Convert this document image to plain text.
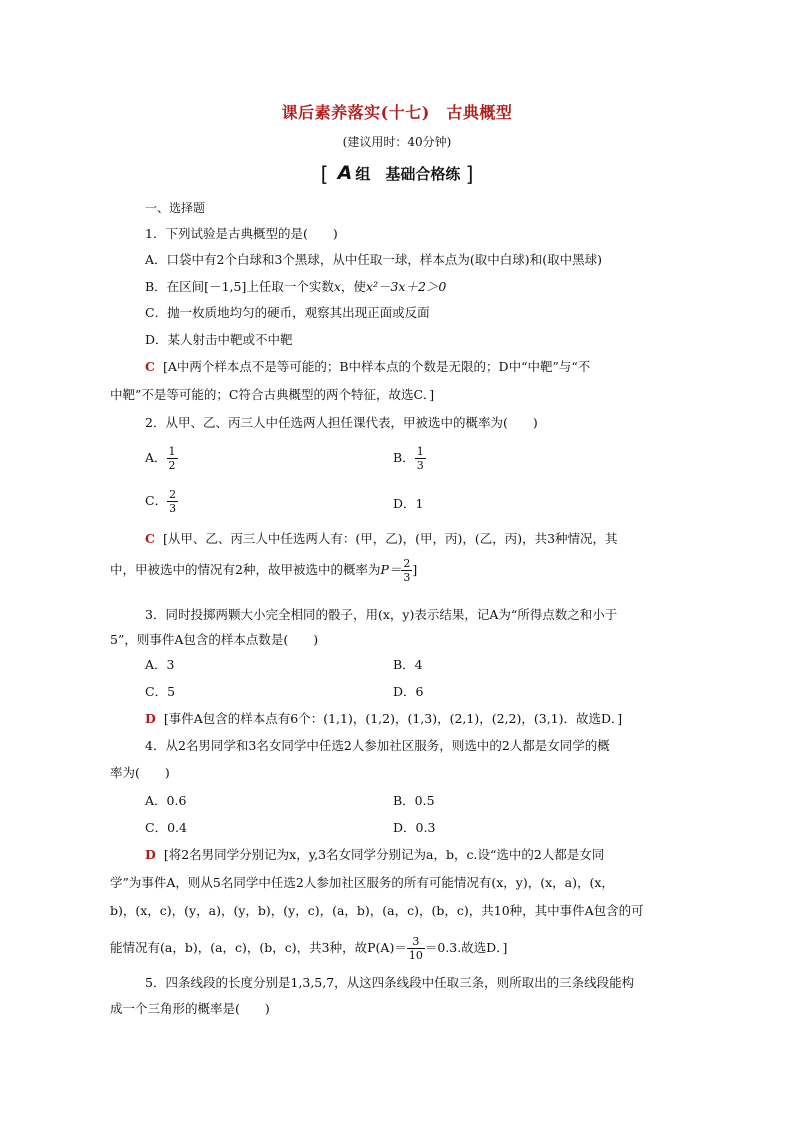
课后素养落实(十七)　古典概型
(建议用时：40分钟)
[ A 组　基础合格练 ]
一、选择题
1．下列试验是古典概型的是(　　)
A．口袋中有2个白球和3个黑球，从中任取一球，样本点为(取中白球)和(取中黑球)
B．在区间[－1,5]上任取一个实数x，使x²－3x＋2＞0
C．抛一枚质地均匀的硬币，观察其出现正面或反面
D．某人射击中靶或不中靶
C [A中两个样本点不是等可能的；B中样本点的个数是无限的；D中“中靶”与“不
中靶”不是等可能的；C符合古典概型的两个特征，故选C．]
2．从甲、乙、丙三人中任选两人担任课代表，甲被选中的概率为(　　)
A． $\frac{1}{2}$	B． $\frac{1}{3}$
C． $\frac{2}{3}$	D．1
C [从甲、乙、丙三人中任选两人有：(甲，乙)，(甲，丙)，(乙，丙)，共3种情况，其
中，甲被选中的情况有2种，故甲被选中的概率为$P= \frac{2}{3}$ ]
3．同时投掷两颗大小完全相同的骰子，用(x，y)表示结果，记A为“所得点数之和小于
5”，则事件A包含的样本点数是(　　)
A．3	B．4
C．5	D．6
D [事件A包含的样本点有6个：(1,1)，(1,2)，(1,3)，(2,1)，(2,2)，(3,1)．故选D．]
4．从2名男同学和3名女同学中任选2人参加社区服务，则选中的2人都是女同学的概
率为(　　)
A．0.6	B．0.5
C．0.4	D．0.3
D [将2名男同学分别记为x，y,3名女同学分别记为a，b，c.设“选中的2人都是女同
学”为事件A，则从5名同学中任选2人参加社区服务的所有可能情况有(x，y)，(x，a)，(x，
b)，(x，c)，(y，a)，(y，b)，(y，c)，(a，b)，(a，c)，(b，c)，共10种，其中事件A包含的可
能情况有(a，b)，(a，c)，(b，c)，共3种，故$P(A)= \frac{3}{10} =0.3$.故选D．]
5．四条线段的长度分别是1,3,5,7，从这四条线段中任取三条，则所取出的三条线段能构
成一个三角形的概率是(　　)
